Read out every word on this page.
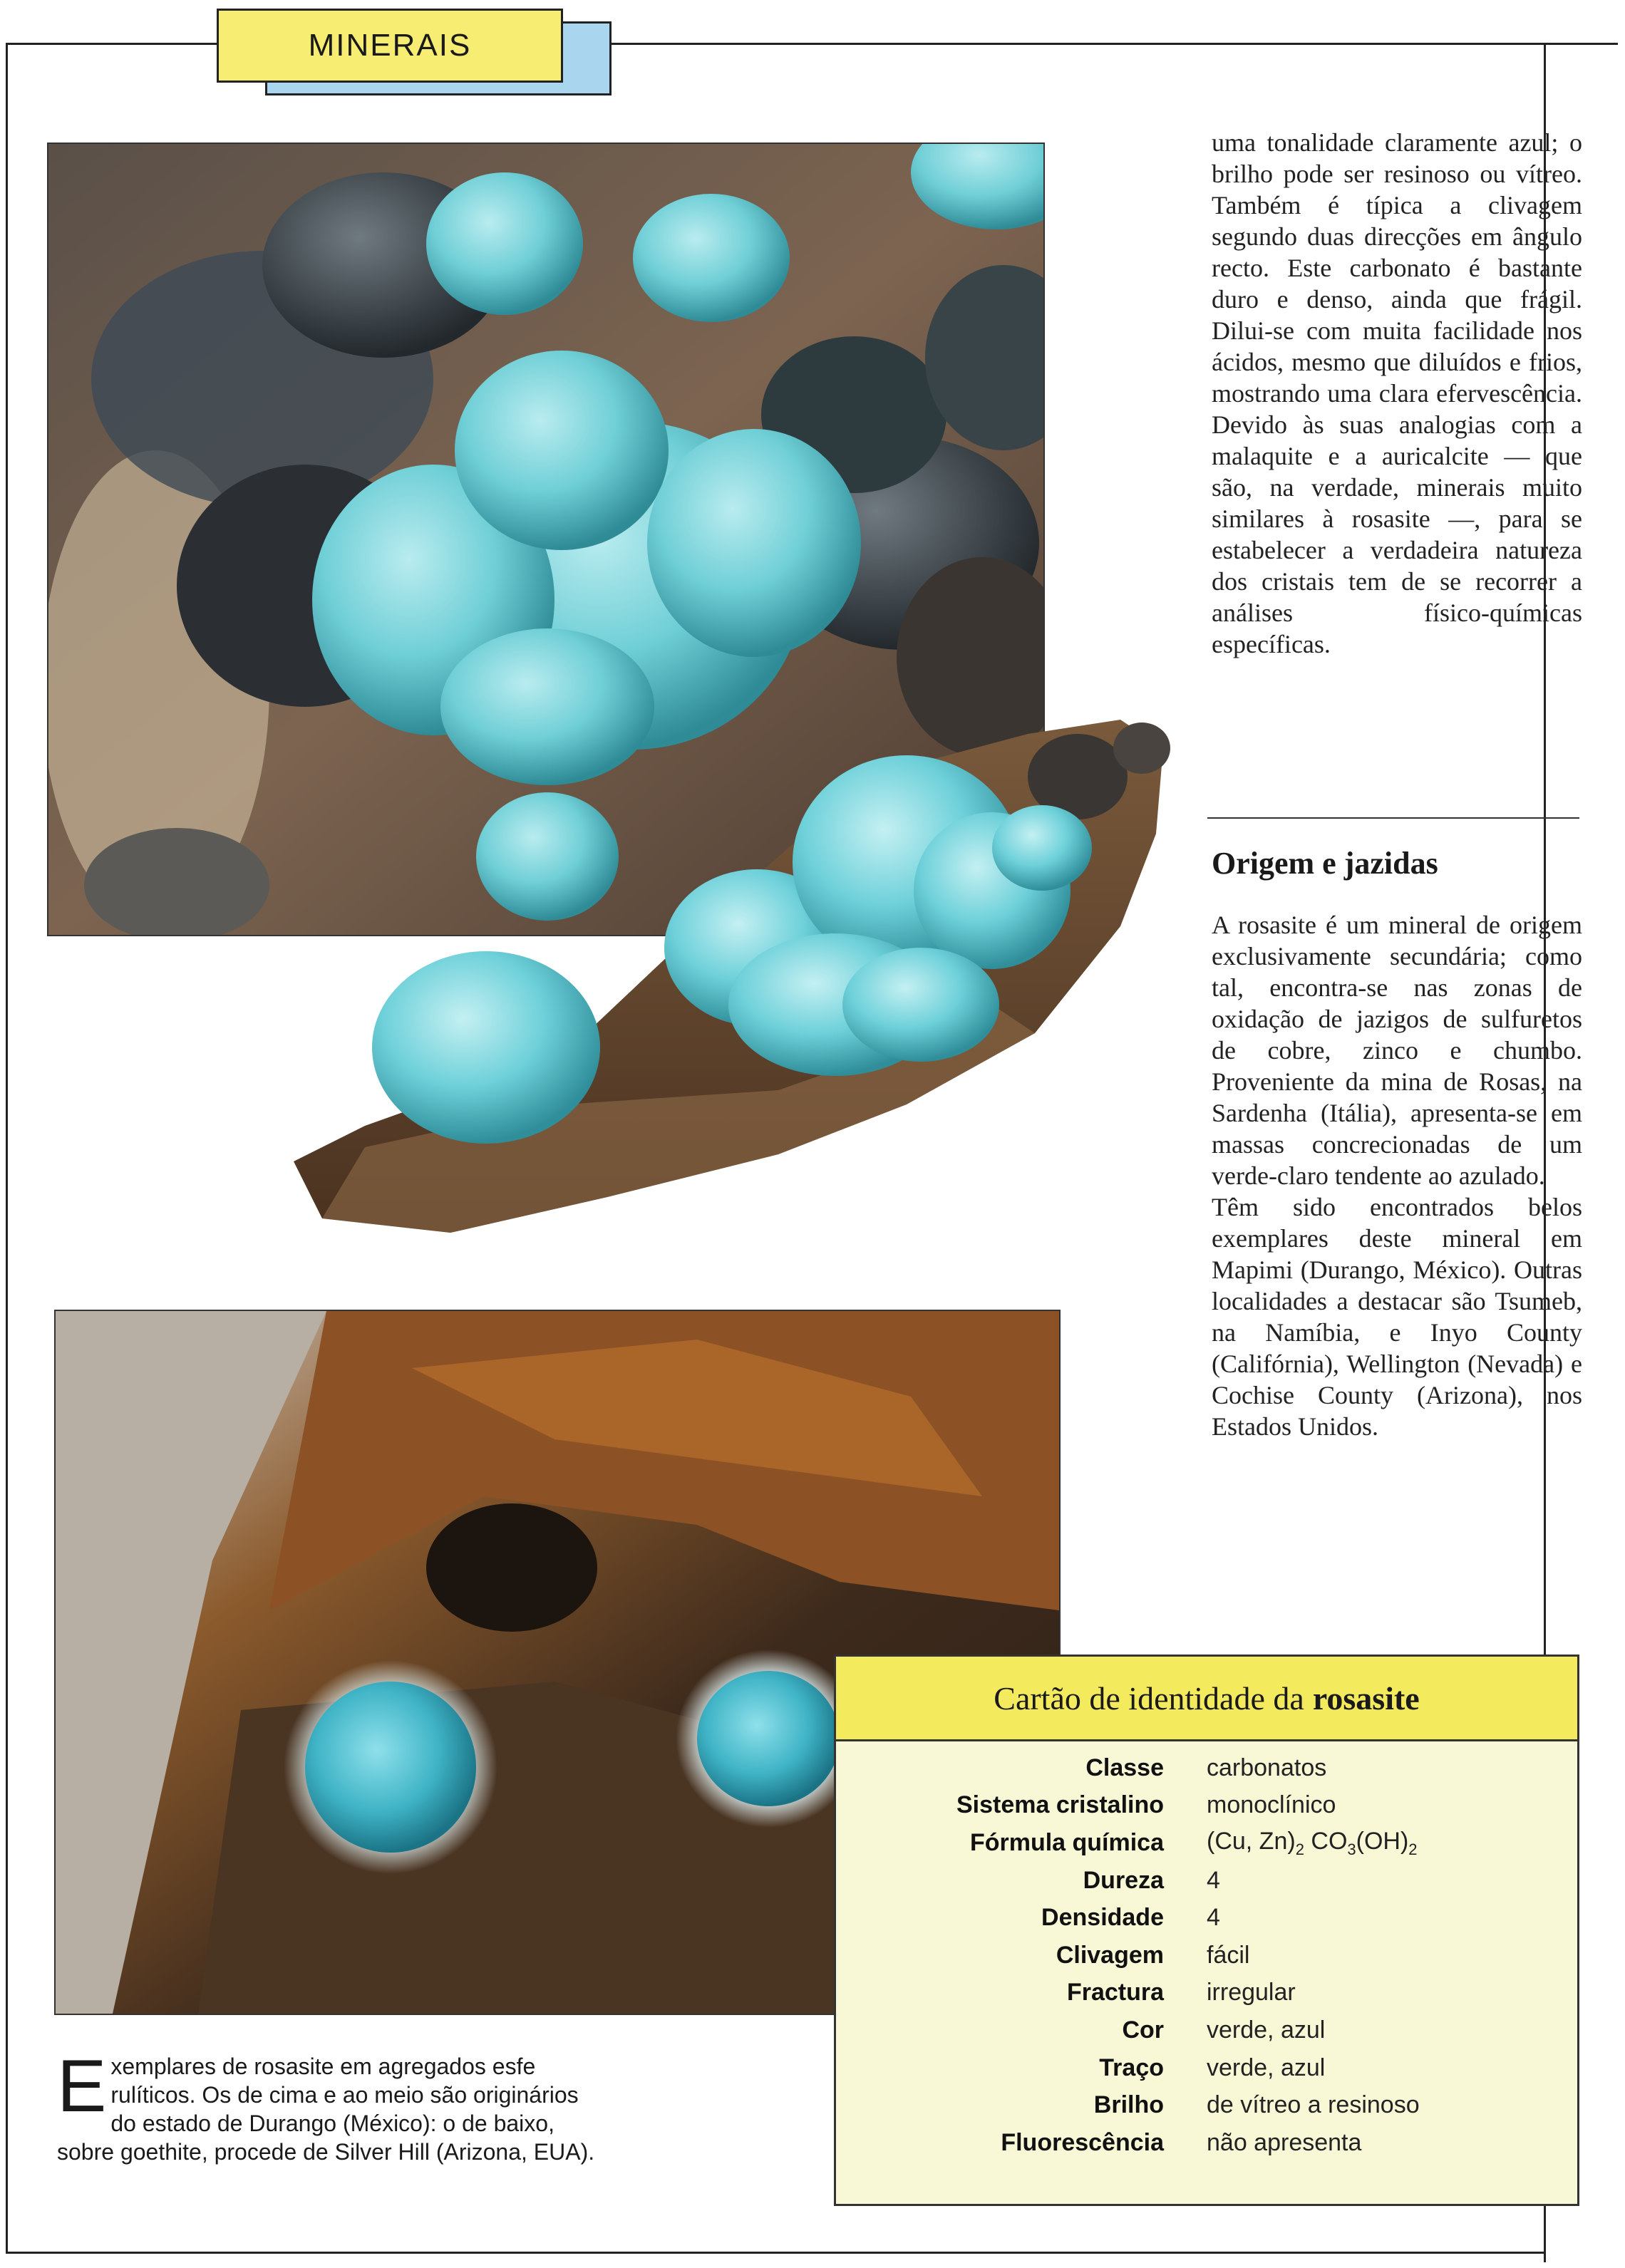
MINERAIS

uma tonalidade claramente azul; o brilho pode ser resinoso ou vítreo. Também é típica a clivagem segundo duas direcções em ângulo recto. Este carbonato é bastante duro e denso, ainda que frágil. Dilui-se com muita facilidade nos ácidos, mesmo que diluídos e frios, mostrando uma clara efervescência. Devido às suas analogias com a malaquite e a auricalcite — que são, na verdade, minerais muito similares à rosasite —, para se estabelecer a verdadeira natureza dos cristais tem de se recorrer a análises físico-químicas específicas.

Origem e jazidas

A rosasite é um mineral de origem exclusivamente secundária; como tal, encontra-se nas zonas de oxidação de jazigos de sulfuretos de cobre, zinco e chumbo. Proveniente da mina de Rosas, na Sardenha (Itália), apresenta-se em massas concrecionadas de um verde-claro tendente ao azulado.

Têm sido encontrados belos exemplares deste mineral em Mapimi (Durango, México). Outras localidades a destacar são Tsumeb, na Namíbia, e Inyo County (Califórnia), Wellington (Nevada) e Cochise County (Arizona), nos Estados Unidos.

Cartão de identidade da rosasite
Classe carbonatos
Sistema cristalino monoclínico
Fórmula química (Cu, $Zn)_2$ $CO_3(OH)_2$
Dureza 4
Densidade 4
Clivagem fácil
Fractura irregular
Cor verde, azul
Traço verde, azul
Brilho de vítreo a resinoso
Fluorescência não apresenta
E xemplares de rosasite em agregados esfe rulíticos. Os de cima e ao meio são originários do estado de Durango (México): o de baixo, sobre goethite, procede de Silver Hill (Arizona, EUA).
